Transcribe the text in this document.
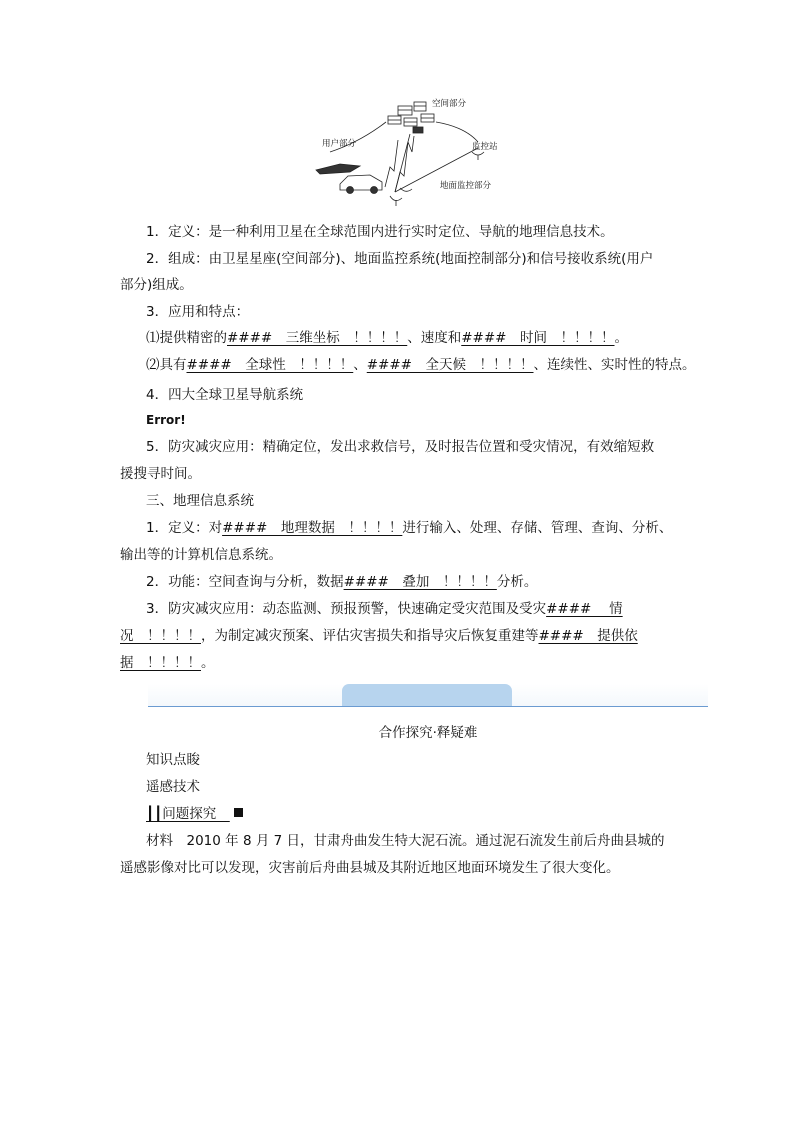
空间部分
用户部分	监控站
地面监控部分
1．定义：是一种利用卫星在全球范围内进行实时定位、导航的地理信息技术。
2．组成：由卫星星座(空间部分)、地面监控系统(地面控制部分)和信号接收系统(用户
部分)组成。
3．应用和特点：
⑴提供精密的####　三维坐标　！！！！、速度和####　时间　！！！！。
⑵具有####　全球性　！！！！、####　全天候　！！！！、连续性、实时性的特点。
4．四大全球卫星导航系统
Error!
5．防灾减灾应用：精确定位，发出求救信号，及时报告位置和受灾情况，有效缩短救
援搜寻时间。
三、地理信息系统
1．定义：对####　地理数据　！！！！进行输入、处理、存储、管理、查询、分析、
输出等的计算机信息系统。
2．功能：空间查询与分析，数据####　叠加　！！！！分析。
3．防灾减灾应用：动态监测、预报预警，快速确定受灾范围及受灾####　 情
况　！！！！，为制定减灾预案、评估灾害损失和指导灾后恢复重建等####　提供依
据　！！！！。
合作探究·释疑难
知识点睃
遥感技术
┃┃问题探究　
材料　2010 年 8 月 7 日，甘肃舟曲发生特大泥石流。通过泥石流发生前后舟曲县城的
遥感影像对比可以发现，灾害前后舟曲县城及其附近地区地面环境发生了很大变化。
